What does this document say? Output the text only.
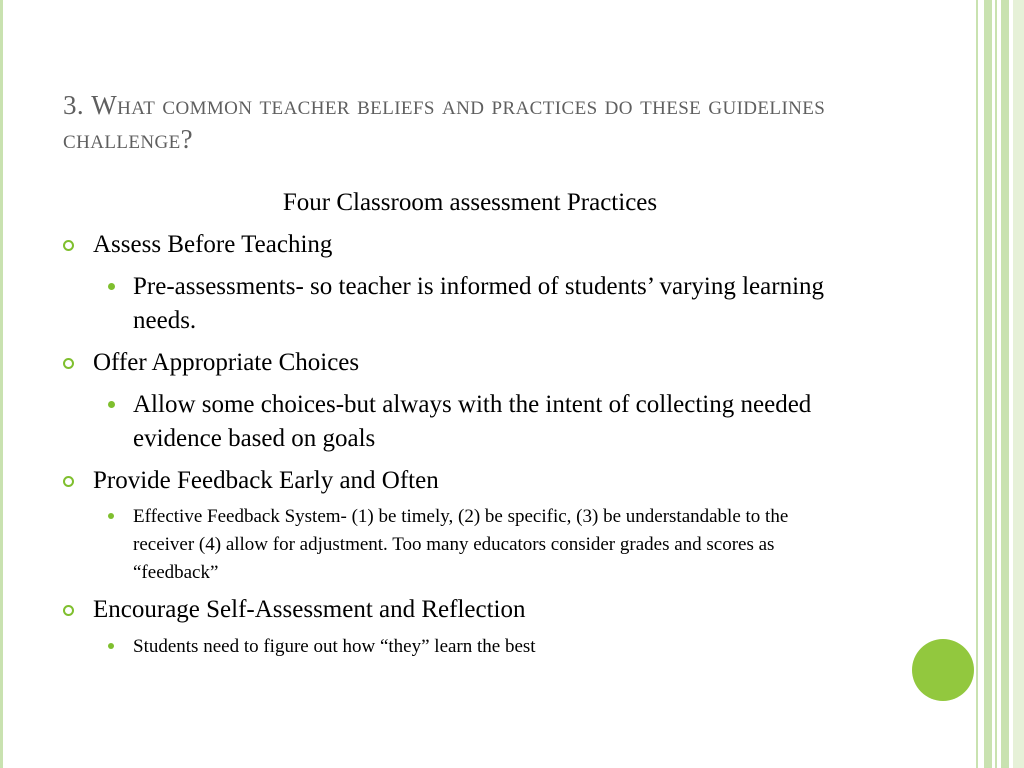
3. What common teacher beliefs and practices do these guidelines challenge?
Four Classroom assessment Practices
Assess Before Teaching
Pre-assessments- so teacher is informed of students’ varying learning needs.
Offer Appropriate Choices
Allow some choices-but always with the intent of collecting needed evidence based on goals
Provide Feedback Early and Often
Effective Feedback System- (1) be timely, (2) be specific, (3) be understandable to the receiver (4) allow for adjustment. Too many educators consider grades and scores as “feedback”
Encourage Self-Assessment and Reflection
Students need to figure out how “they” learn the best
